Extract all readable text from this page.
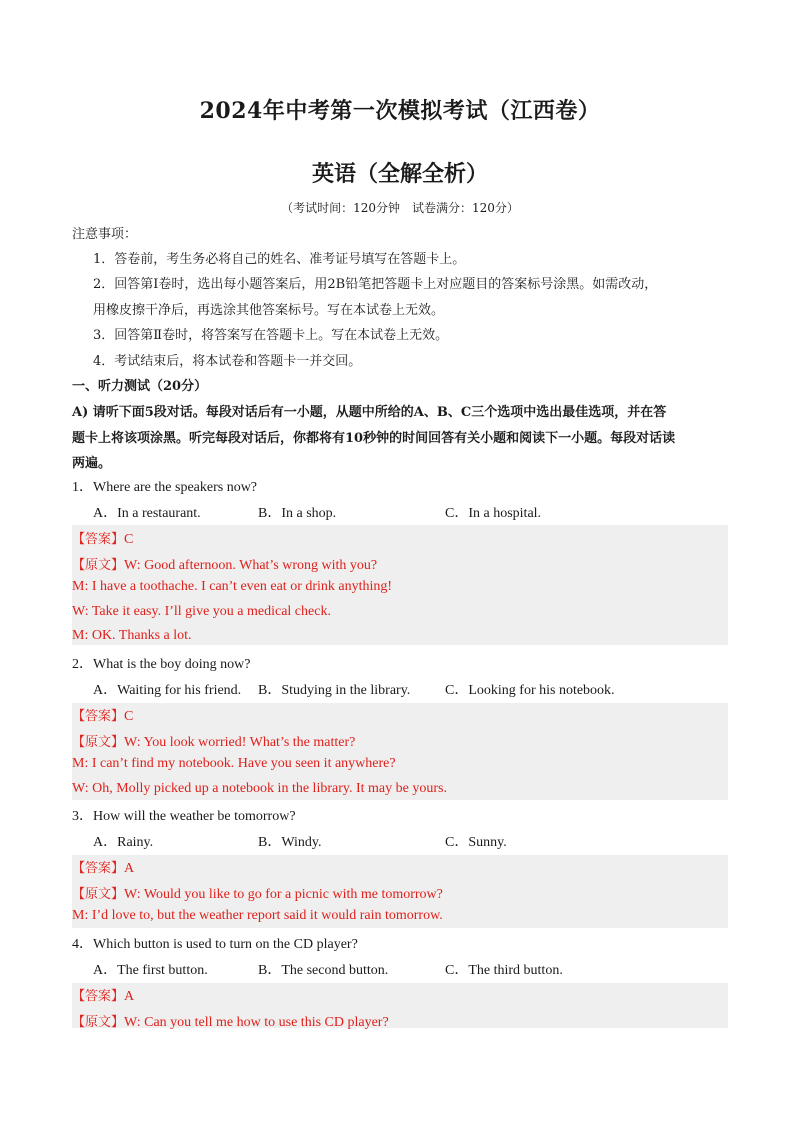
2024年中考第一次模拟考试（江西卷）
英语（全解全析）
（考试时间：120分钟　试卷满分：120分）
注意事项：
1．答卷前，考生务必将自己的姓名、准考证号填写在答题卡上。
2．回答第Ⅰ卷时，选出每小题答案后，用2B铅笔把答题卡上对应题目的答案标号涂黑。如需改动，
用橡皮擦干净后，再选涂其他答案标号。写在本试卷上无效。
3．回答第Ⅱ卷时，将答案写在答题卡上。写在本试卷上无效。
4．考试结束后，将本试卷和答题卡一并交回。
一、听力测试（20分）
A) 请听下面5段对话。每段对话后有一小题，从题中所给的A、B、C三个选项中选出最佳选项，并在答
题卡上将该项涂黑。听完每段对话后，你都将有10秒钟的时间回答有关小题和阅读下一小题。每段对话读
两遍。
1．Where are the speakers now?
A．In a restaurant.	B．In a shop.	C．In a hospital.
【答案】C
【原文】W: Good afternoon. What’s wrong with you?
M: I have a toothache. I can’t even eat or drink anything!
W: Take it easy. I’ll give you a medical check.
M: OK. Thanks a lot.
2．What is the boy doing now?
A．Waiting for his friend. B．Studying in the library. C．Looking for his notebook.
【答案】C
【原文】W: You look worried! What’s the matter?
M: I can’t find my notebook. Have you seen it anywhere?
W: Oh, Molly picked up a notebook in the library. It may be yours.
3．How will the weather be tomorrow?
A．Rainy.	B．Windy.	C．Sunny.
【答案】A
【原文】W: Would you like to go for a picnic with me tomorrow?
M: I’d love to, but the weather report said it would rain tomorrow.
4．Which button is used to turn on the CD player?
A．The first button.	B．The second button.	C．The third button.
【答案】A
【原文】W: Can you tell me how to use this CD player?
